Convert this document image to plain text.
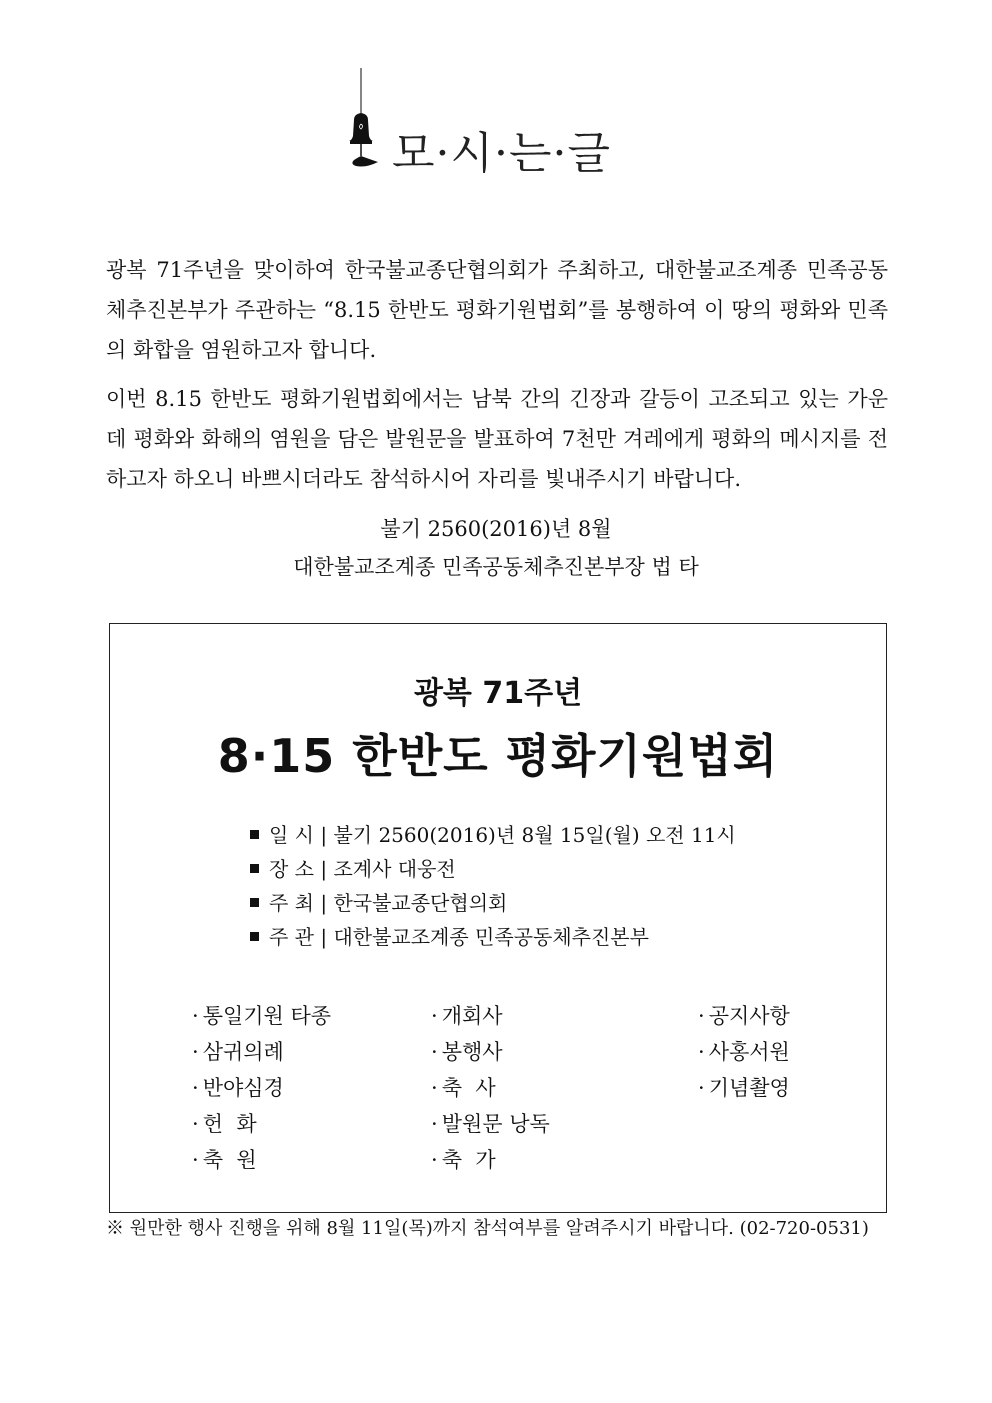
모·시·는·글

광복 71주년을 맞이하여 한국불교종단협의회가 주최하고, 대한불교조계종 민족공동체추진본부가 주관하는 “8.15 한반도 평화기원법회”를 봉행하여 이 땅의 평화와 민족의 화합을 염원하고자 합니다.

이번 8.15 한반도 평화기원법회에서는 남북 간의 긴장과 갈등이 고조되고 있는 가운데 평화와 화해의 염원을 담은 발원문을 발표하여 7천만 겨레에게 평화의 메시지를 전하고자 하오니 바쁘시더라도 참석하시어 자리를 빛내주시기 바랍니다.

불기 2560(2016)년 8월
대한불교조계종 민족공동체추진본부장 법 타
광복 71주년
8·15 한반도 평화기원법회
일 시 | 불기 2560(2016)년 8월 15일(월) 오전 11시
장 소 | 조계사 대웅전
주 최 | 한국불교종단협의회
주 관 | 대한불교조계종 민족공동체추진본부
· 통일기원 타종
· 삼귀의례
· 반야심경
· 헌  화
· 축  원
· 개회사
· 봉행사
· 축  사
· 발원문 낭독
· 축  가
· 공지사항
· 사홍서원
· 기념촬영
※ 원만한 행사 진행을 위해 8월 11일(목)까지 참석여부를 알려주시기 바랍니다. (02-720-0531)
